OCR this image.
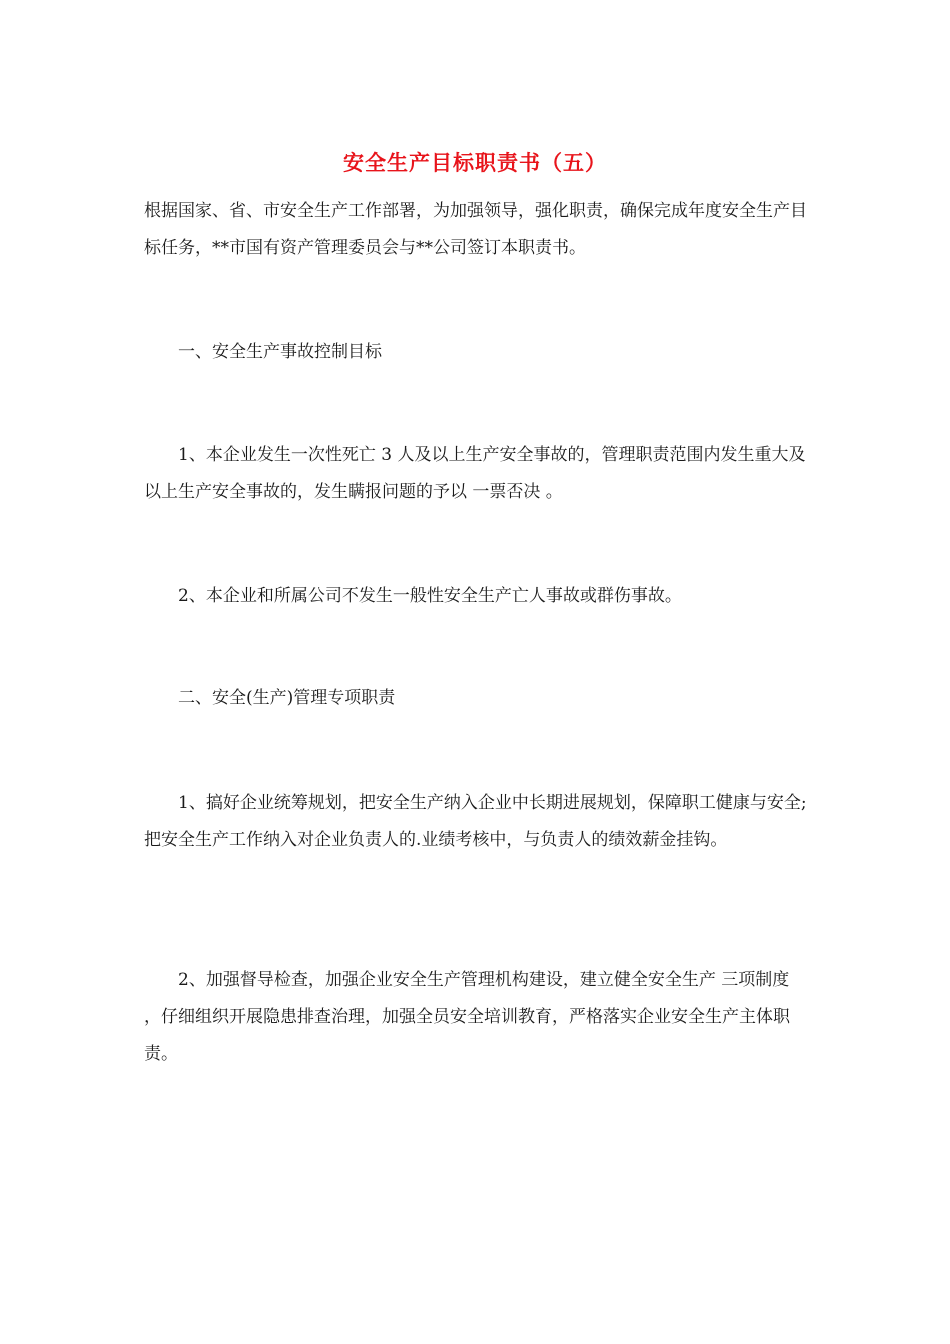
安全生产目标职责书（五）

根据国家、省、市安全生产工作部署，为加强领导，强化职责，确保完成年度安全生产目标任务，**市国有资产管理委员会与**公司签订本职责书。

一、安全生产事故控制目标

1、本企业发生一次性死亡 3 人及以上生产安全事故的，管理职责范围内发生重大及以上生产安全事故的，发生瞒报问题的予以 一票否决 。

2、本企业和所属公司不发生一般性安全生产亡人事故或群伤事故。

二、安全(生产)管理专项职责

1、搞好企业统筹规划，把安全生产纳入企业中长期进展规划，保障职工健康与安全;把安全生产工作纳入对企业负责人的.业绩考核中，与负责人的绩效薪金挂钩。

2、加强督导检查，加强企业安全生产管理机构建设，建立健全安全生产 三项制度 ，仔细组织开展隐患排查治理，加强全员安全培训教育，严格落实企业安全生产主体职责。
